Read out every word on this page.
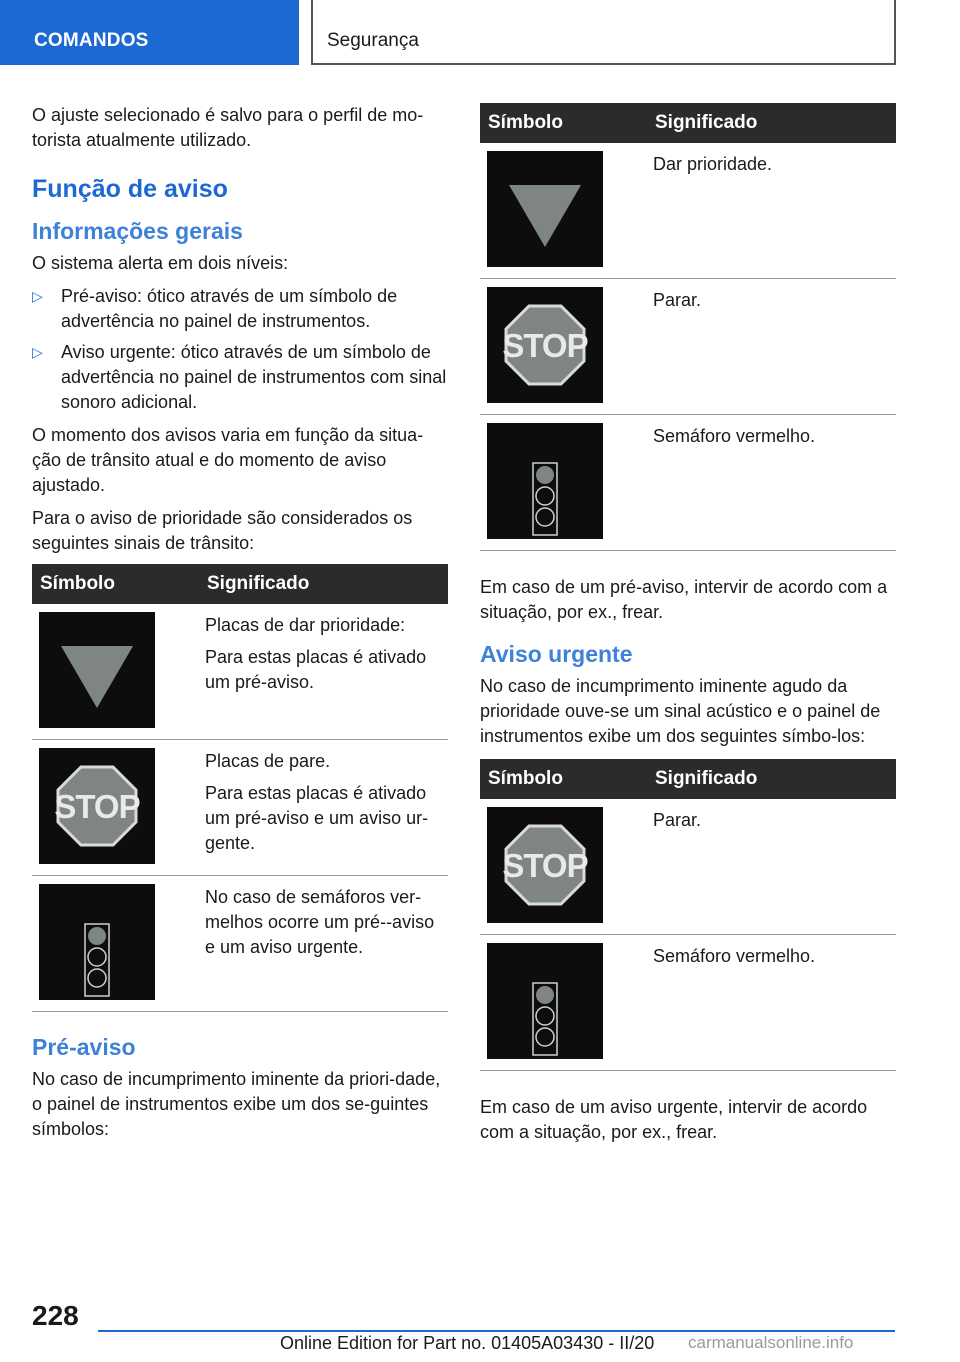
COMANDOS	Segurança

O ajuste selecionado é salvo para o perfil de mo-torista atualmente utilizado.

Função de aviso
Informações gerais

O sistema alerta em dois níveis:

▷ Pré-aviso: ótico através de um símbolo de advertência no painel de instrumentos.
▷ Aviso urgente: ótico através de um símbolo de advertência no painel de instrumentos com sinal sonoro adicional.

O momento dos avisos varia em função da situa-ção de trânsito atual e do momento de aviso ajustado.

Para o aviso de prioridade são considerados os seguintes sinais de trânsito:

Símbolo	Significado

Placas de dar prioridade:
Para estas placas é ativado um pré-aviso.

Placas de pare.
Para estas placas é ativado um pré-aviso e um aviso ur-gente.

No caso de semáforos ver-melhos ocorre um pré--aviso e um aviso urgente.
Pré-aviso

No caso de incumprimento iminente da priori-dade, o painel de instrumentos exibe um dos se-guintes símbolos:

Símbolo	Significado

Dar prioridade.

Parar.

Semáforo vermelho.

Em caso de um pré-aviso, intervir de acordo com a situação, por ex., frear.

Aviso urgente

No caso de incumprimento iminente agudo da prioridade ouve-se um sinal acústico e o painel de instrumentos exibe um dos seguintes símbo-los:

Símbolo	Significado

Parar.

Semáforo vermelho.

Em caso de um aviso urgente, intervir de acordo com a situação, por ex., frear.

228
Online Edition for Part no. 01405A03430 - II/20 carmanualsonline.info
